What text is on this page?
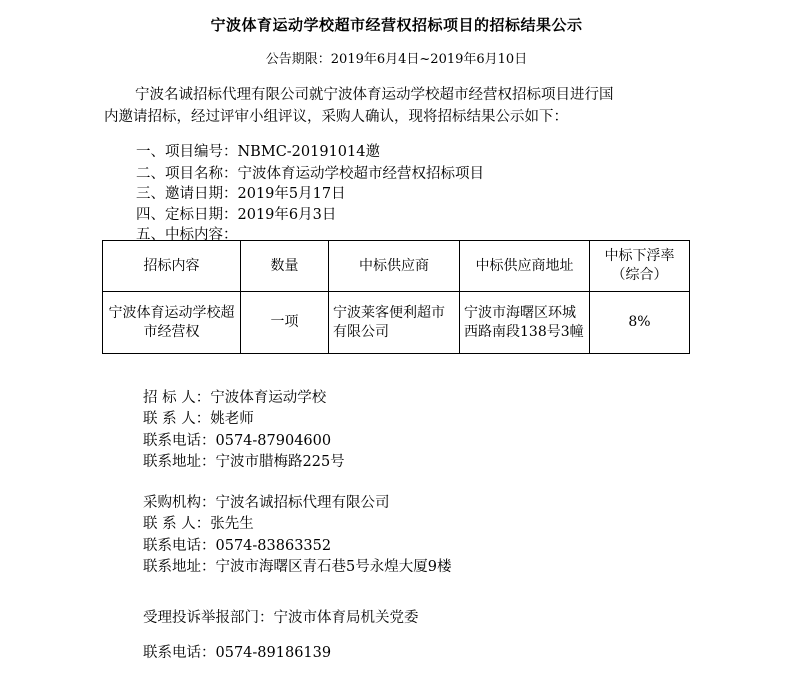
宁波体育运动学校超市经营权招标项目的招标结果公示
公告期限：2019年6月4日~2019年6月10日
宁波名诚招标代理有限公司就宁波体育运动学校超市经营权招标项目进行国
内邀请招标，经过评审小组评议，采购人确认，现将招标结果公示如下：
一、项目编号：NBMC-20191014邀
二、项目名称：宁波体育运动学校超市经营权招标项目
三、邀请日期：2019年5月17日
四、定标日期：2019年6月3日
五、中标内容：
招标内容	数量	中标供应商	中标供应商地址	中标下浮率（综合）
宁波体育运动学校超市经营权	一项	宁波莱客便利超市有限公司	宁波市海曙区环城西路南段138号3幢	8%
招 标 人：宁波体育运动学校
联 系 人：姚老师
联系电话：0574-87904600
联系地址：宁波市腊梅路225号
采购机构：宁波名诚招标代理有限公司
联 系 人：张先生
联系电话：0574-83863352
联系地址：宁波市海曙区青石巷5号永煌大厦9楼
受理投诉举报部门：宁波市体育局机关党委
联系电话：0574-89186139
